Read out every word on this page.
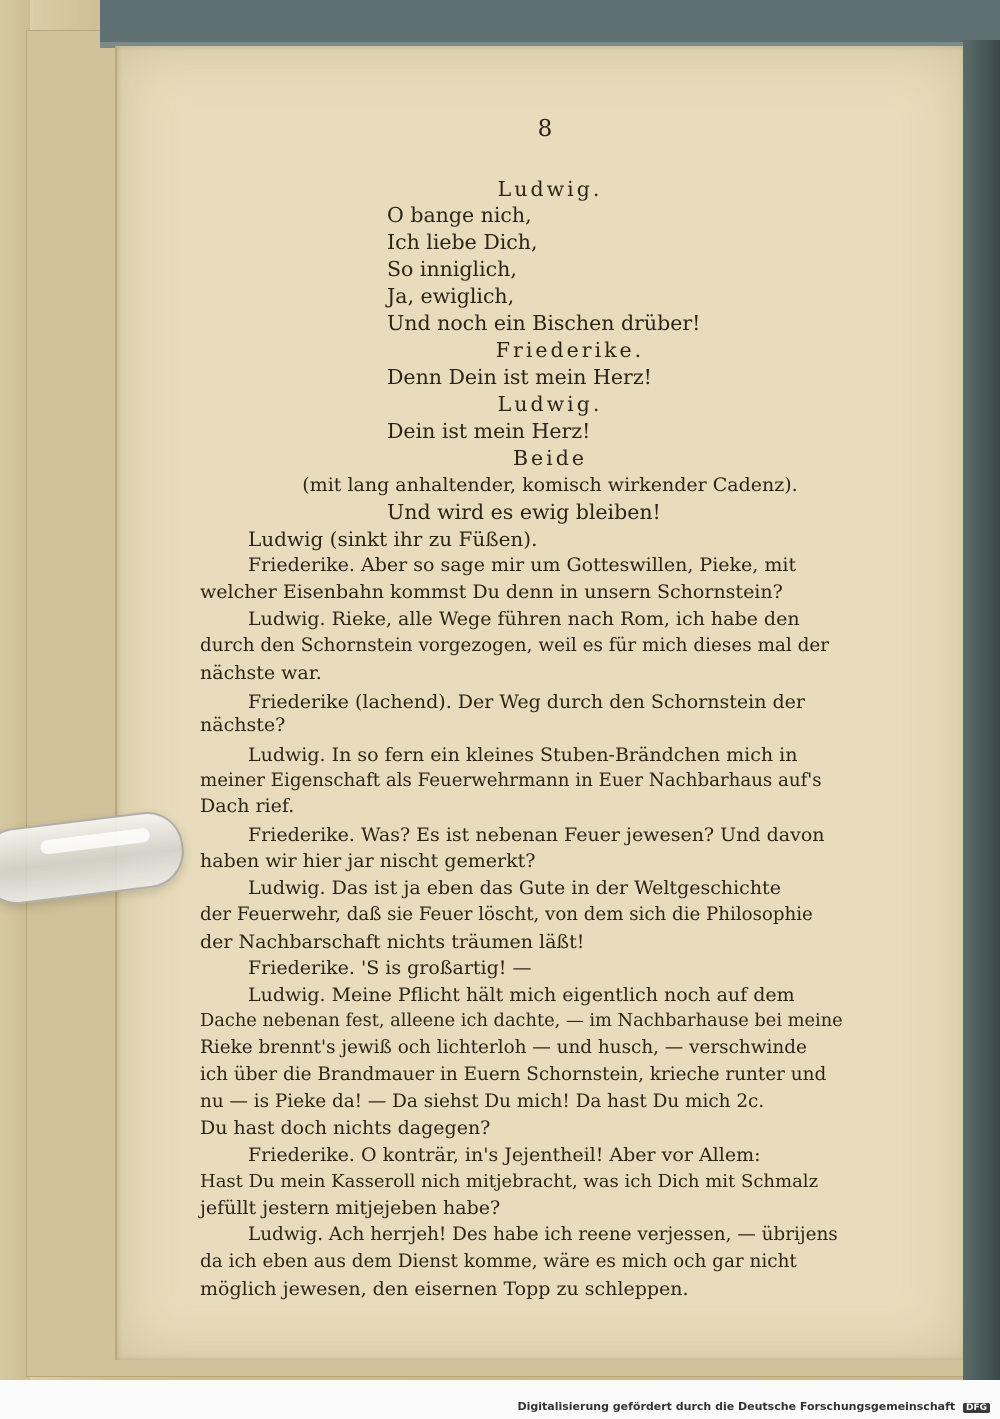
8
Ludwig.
O bange nich,
Ich liebe Dich,
So inniglich,
Ja, ewiglich,
Und noch ein Bischen drüber!
Friederike.
Denn Dein ist mein Herz!
Ludwig.
Dein ist mein Herz!
Beide
(mit lang anhaltender, komisch wirkender Cadenz).
Und wird es ewig bleiben!
Ludwig (sinkt ihr zu Füßen).
Friederike. Aber so sage mir um Gotteswillen, Pieke, mit
welcher Eisenbahn kommst Du denn in unsern Schornstein?
Ludwig. Rieke, alle Wege führen nach Rom, ich habe den
durch den Schornstein vorgezogen, weil es für mich dieses mal der
nächste war.
Friederike (lachend). Der Weg durch den Schornstein der
nächste?
Ludwig. In so fern ein kleines Stuben-Brändchen mich in
meiner Eigenschaft als Feuerwehrmann in Euer Nachbarhaus auf's
Dach rief.
Friederike. Was? Es ist nebenan Feuer jewesen? Und davon
haben wir hier jar nischt gemerkt?
Ludwig. Das ist ja eben das Gute in der Weltgeschichte
der Feuerwehr, daß sie Feuer löscht, von dem sich die Philosophie
der Nachbarschaft nichts träumen läßt!
Friederike. 'S is großartig! —
Ludwig. Meine Pflicht hält mich eigentlich noch auf dem
Dache nebenan fest, alleene ich dachte, — im Nachbarhause bei meine
Rieke brennt's jewiß och lichterloh — und husch, — verschwinde
ich über die Brandmauer in Euern Schornstein, krieche runter und
nu — is Pieke da! — Da siehst Du mich! Da hast Du mich 2c.
Du hast doch nichts dagegen?
Friederike. O konträr, in's Jejentheil! Aber vor Allem:
Hast Du mein Kasseroll nich mitjebracht, was ich Dich mit Schmalz
jefüllt jestern mitjejeben habe?
Ludwig. Ach herrjeh! Des habe ich reene verjessen, — übrijens
da ich eben aus dem Dienst komme, wäre es mich och gar nicht
möglich jewesen, den eisernen Topp zu schleppen.
Digitalisierung gefördert durch die Deutsche Forschungsgemeinschaft DFG
